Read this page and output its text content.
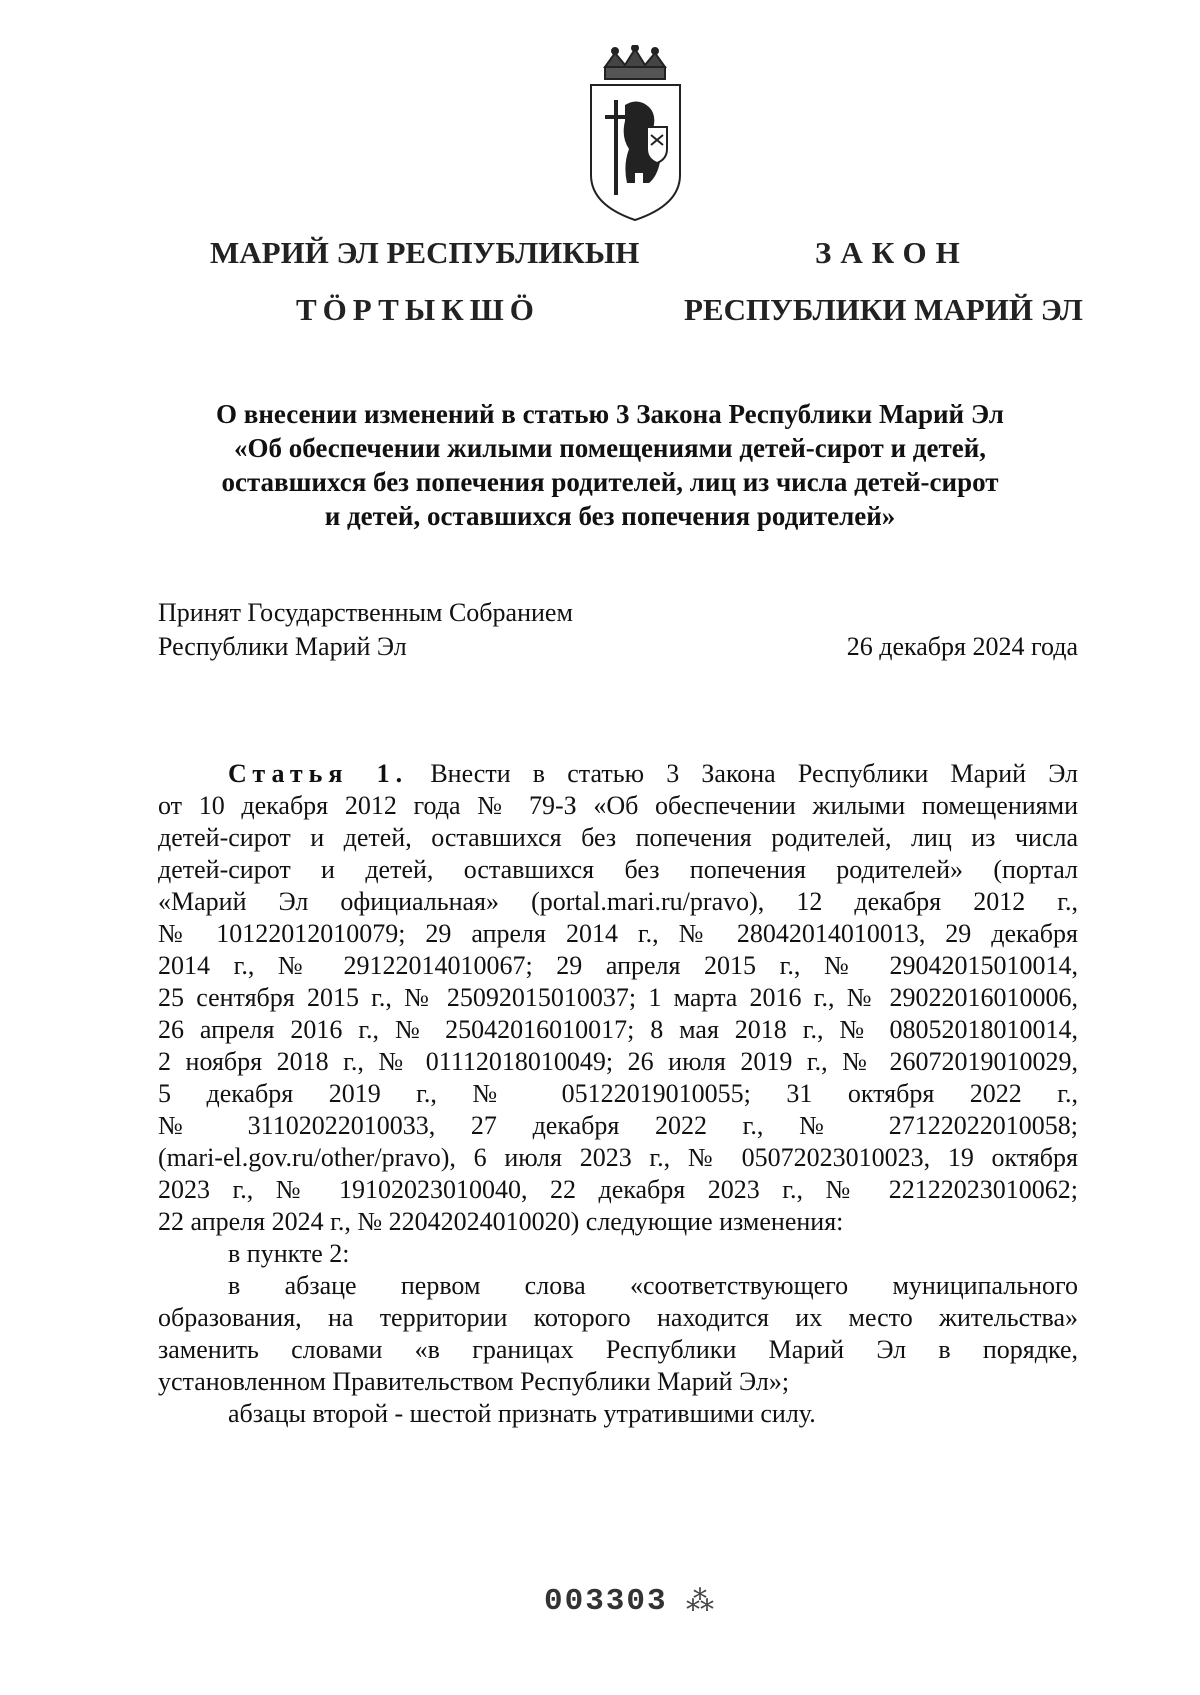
МАРИЙ ЭЛ РЕСПУБЛИКЫН
ТӦРТЫКШӦ
ЗАКОН
РЕСПУБЛИКИ МАРИЙ ЭЛ
О внесении изменений в статью 3 Закона Республики Марий Эл
«Об обеспечении жилыми помещениями детей-сирот и детей,
оставшихся без попечения родителей, лиц из числа детей-сирот
и детей, оставшихся без попечения родителей»
Принят Государственным Собранием
Республики Марий Эл	26 декабря 2024 года
Статья 1. Внести в статью 3 Закона Республики Марий Эл
от 10 декабря 2012 года № 79-З «Об обеспечении жилыми помещениями
детей-сирот и детей, оставшихся без попечения родителей, лиц из числа
детей-сирот и детей, оставшихся без попечения родителей» (портал
«Марий Эл официальная» (portal.mari.ru/pravo), 12 декабря 2012 г.,
№ 10122012010079; 29 апреля 2014 г., № 28042014010013, 29 декабря
2014 г., № 29122014010067; 29 апреля 2015 г., № 29042015010014,
25 сентября 2015 г., № 25092015010037; 1 марта 2016 г., № 29022016010006,
26 апреля 2016 г., № 25042016010017; 8 мая 2018 г., № 08052018010014,
2 ноября 2018 г., № 01112018010049; 26 июля 2019 г., № 26072019010029,
5 декабря 2019 г., № 05122019010055; 31 октября 2022 г.,
№ 31102022010033, 27 декабря 2022 г., № 27122022010058;
(mari-el.gov.ru/other/pravo), 6 июля 2023 г., № 05072023010023, 19 октября
2023 г., № 19102023010040, 22 декабря 2023 г., № 22122023010062;
22 апреля 2024 г., № 22042024010020) следующие изменения:
в пункте 2:
в абзаце первом слова «соответствующего муниципального
образования, на территории которого находится их место жительства»
заменить словами «в границах Республики Марий Эл в порядке,
установленном Правительством Республики Марий Эл»;
абзацы второй - шестой признать утратившими силу.
003303 ⁂
